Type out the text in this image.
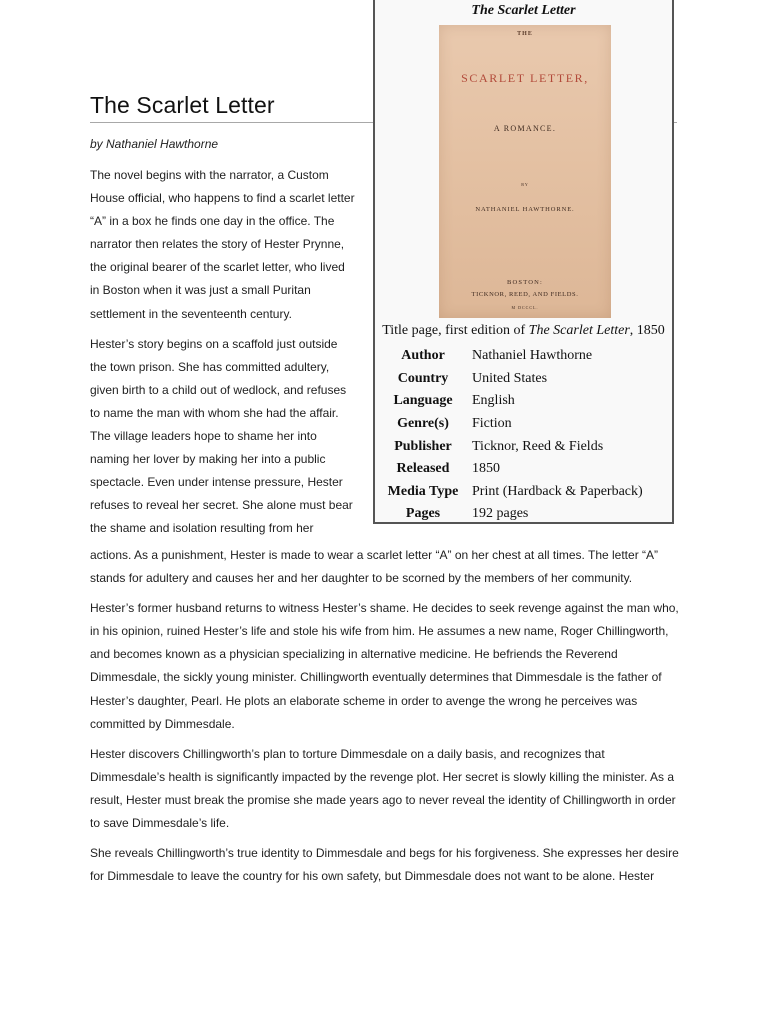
The Scarlet Letter

by Nathaniel Hawthorne

The novel begins with the narrator, a Custom
House official, who happens to find a scarlet letter
“A” in a box he finds one day in the office. The
narrator then relates the story of Hester Prynne,
the original bearer of the scarlet letter, who lived
in Boston when it was just a small Puritan
settlement in the seventeenth century.

Hester’s story begins on a scaffold just outside
the town prison. She has committed adultery,
given birth to a child out of wedlock, and refuses
to name the man with whom she had the affair.
The village leaders hope to shame her into
naming her lover by making her into a public
spectacle. Even under intense pressure, Hester
refuses to reveal her secret. She alone must bear
the shame and isolation resulting from her

actions. As a punishment, Hester is made to wear a scarlet letter “A” on her chest at all times. The letter “A”
stands for adultery and causes her and her daughter to be scorned by the members of her community.

Hester’s former husband returns to witness Hester’s shame. He decides to seek revenge against the man who,
in his opinion, ruined Hester’s life and stole his wife from him. He assumes a new name, Roger Chillingworth,
and becomes known as a physician specializing in alternative medicine. He befriends the Reverend
Dimmesdale, the sickly young minister. Chillingworth eventually determines that Dimmesdale is the father of
Hester’s daughter, Pearl. He plots an elaborate scheme in order to avenge the wrong he perceives was
committed by Dimmesdale.

Hester discovers Chillingworth’s plan to torture Dimmesdale on a daily basis, and recognizes that
Dimmesdale’s health is significantly impacted by the revenge plot. Her secret is slowly killing the minister. As a
result, Hester must break the promise she made years ago to never reveal the identity of Chillingworth in order
to save Dimmesdale’s life.

She reveals Chillingworth’s true identity to Dimmesdale and begs for his forgiveness. She expresses her desire
for Dimmesdale to leave the country for his own safety, but Dimmesdale does not want to be alone. Hester

The Scarlet Letter
THE
SCARLET LETTER,
A ROMANCE.
BY
NATHANIEL HAWTHORNE.
BOSTON:
TICKNOR, REED, AND FIELDS.
M DCCCL.
Title page, first edition of The Scarlet Letter, 1850
Author	Nathaniel Hawthorne
Country	United States
Language	English
Genre(s)	Fiction
Publisher	Ticknor, Reed & Fields
Released	1850
Media Type	Print (Hardback & Paperback)
Pages	192 pages
